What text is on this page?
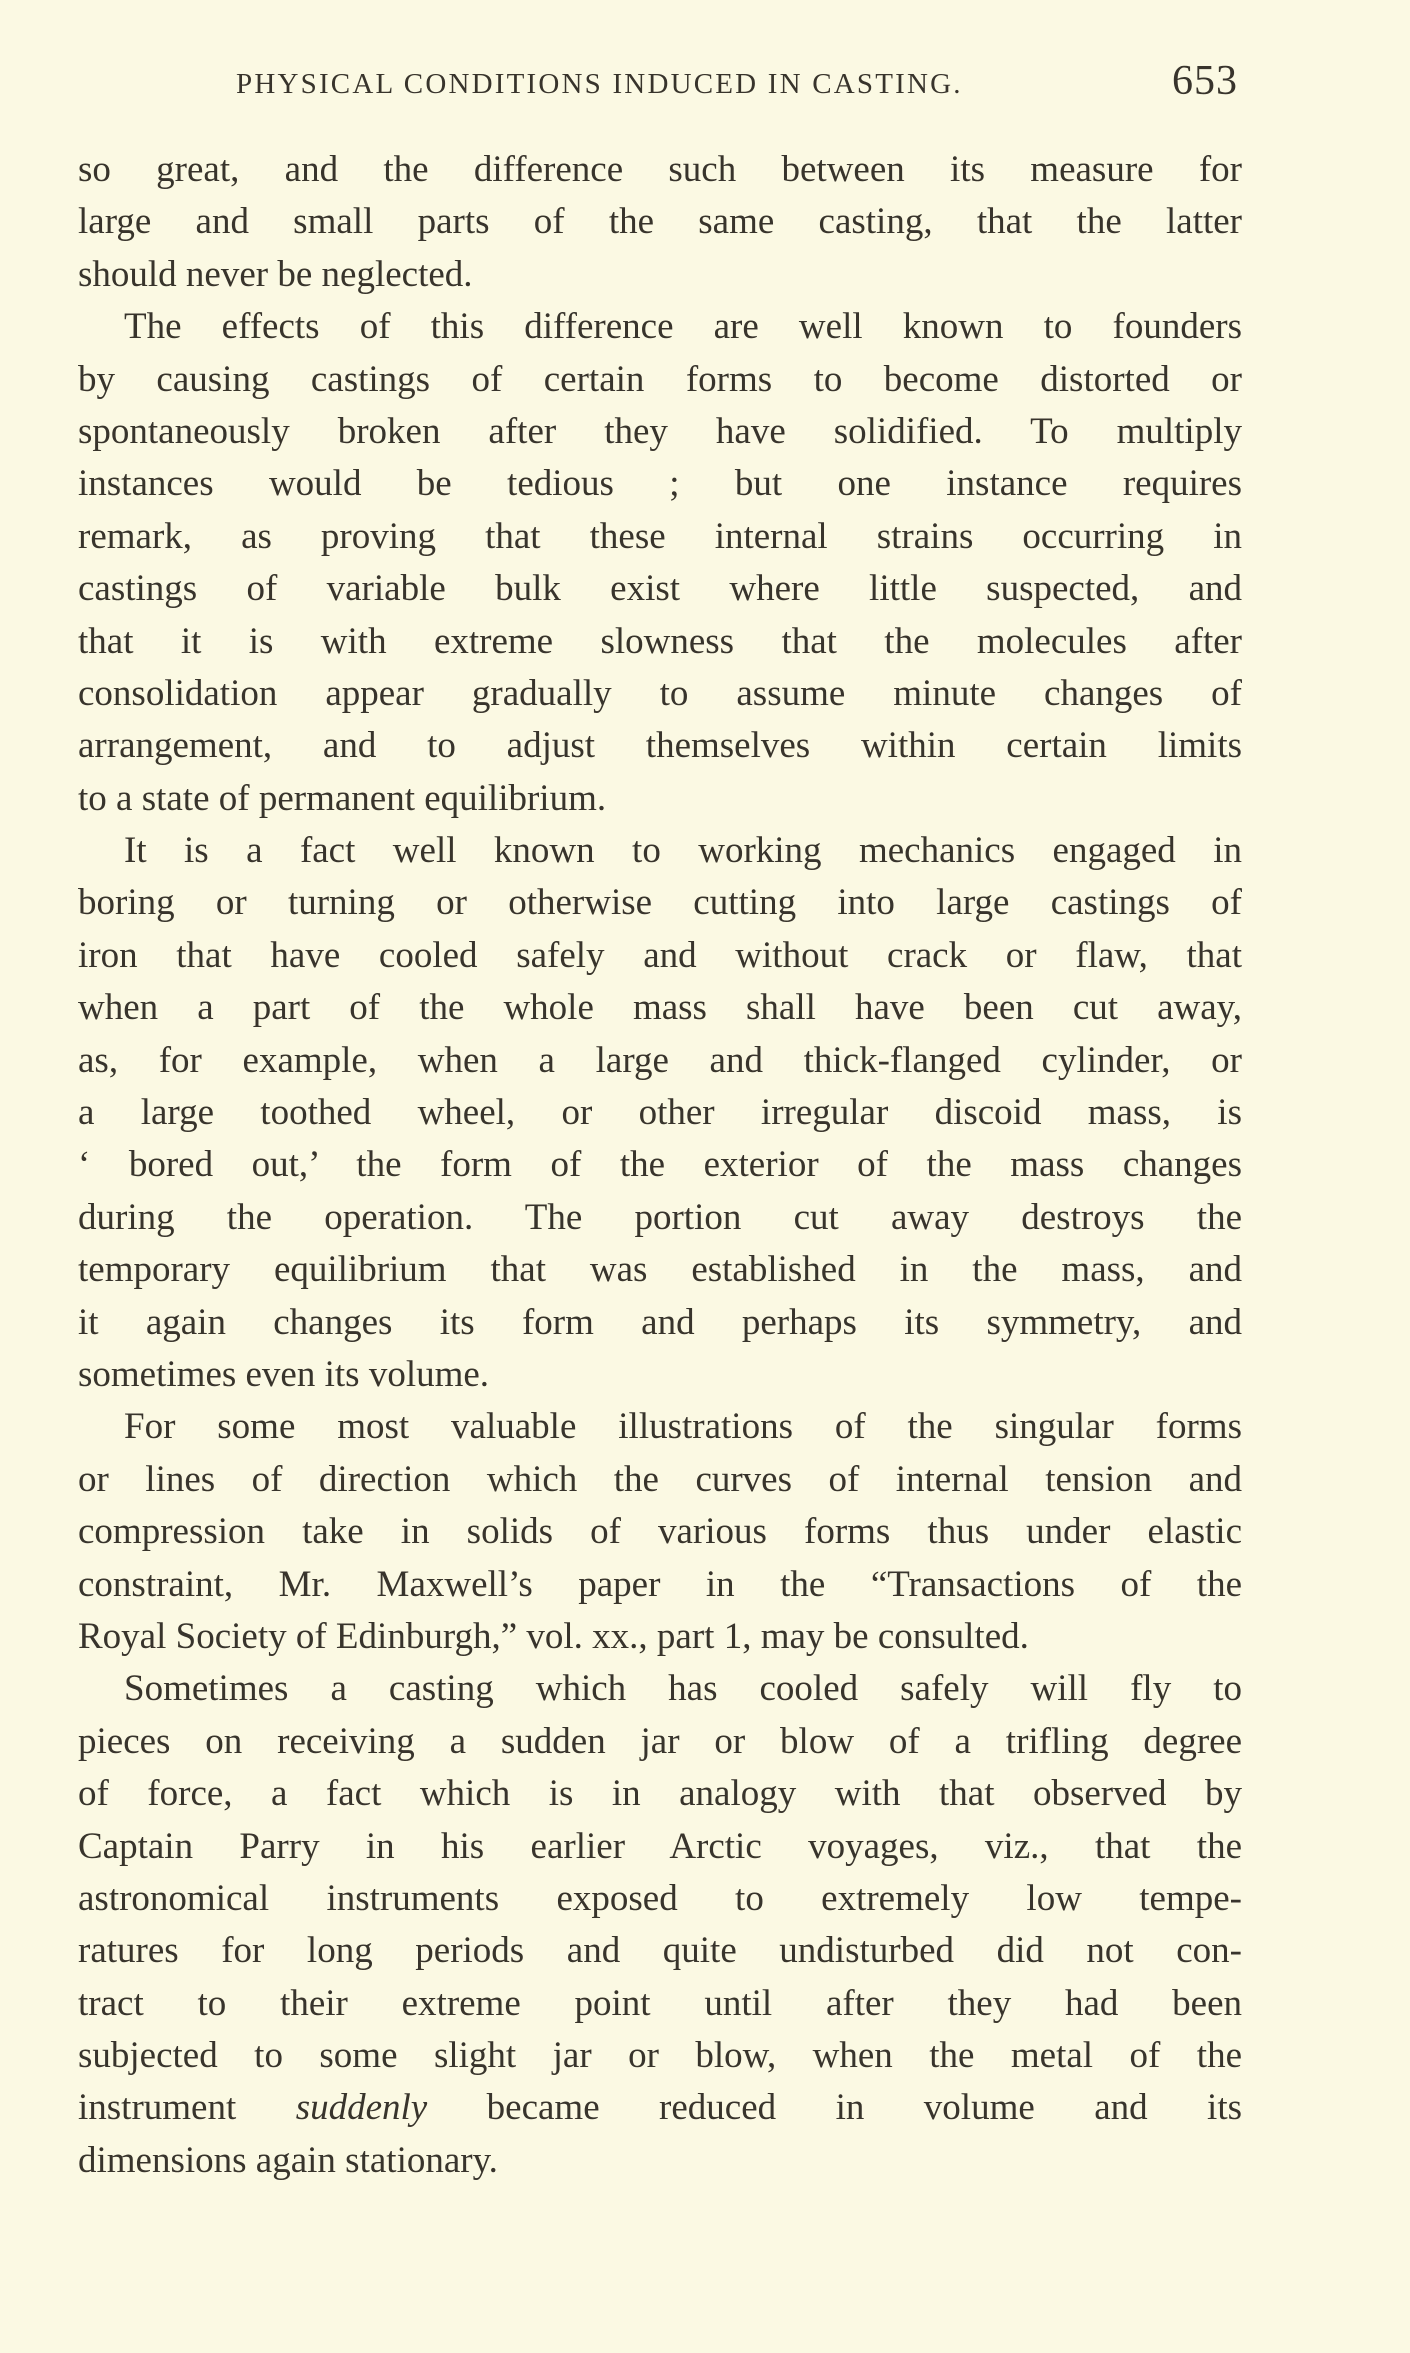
PHYSICAL CONDITIONS INDUCED IN CASTING.	653
so great, and the difference such between its measure for
large and small parts of the same casting, that the latter
should never be neglected.
The effects of this difference are well known to founders
by causing castings of certain forms to become distorted or
spontaneously broken after they have solidified. To multiply
instances would be tedious ; but one instance requires
remark, as proving that these internal strains occurring in
castings of variable bulk exist where little suspected, and
that it is with extreme slowness that the molecules after
consolidation appear gradually to assume minute changes of
arrangement, and to adjust themselves within certain limits
to a state of permanent equilibrium.
It is a fact well known to working mechanics engaged in
boring or turning or otherwise cutting into large castings of
iron that have cooled safely and without crack or flaw, that
when a part of the whole mass shall have been cut away,
as, for example, when a large and thick-flanged cylinder, or
a large toothed wheel, or other irregular discoid mass, is
‘ bored out,’ the form of the exterior of the mass changes
during the operation. The portion cut away destroys the
temporary equilibrium that was established in the mass, and
it again changes its form and perhaps its symmetry, and
sometimes even its volume.
For some most valuable illustrations of the singular forms
or lines of direction which the curves of internal tension and
compression take in solids of various forms thus under elastic
constraint, Mr. Maxwell’s paper in the “Transactions of the
Royal Society of Edinburgh,” vol. xx., part 1, may be consulted.
Sometimes a casting which has cooled safely will fly to
pieces on receiving a sudden jar or blow of a trifling degree
of force, a fact which is in analogy with that observed by
Captain Parry in his earlier Arctic voyages, viz., that the
astronomical instruments exposed to extremely low tempe-
ratures for long periods and quite undisturbed did not con-
tract to their extreme point until after they had been
subjected to some slight jar or blow, when the metal of the
instrument suddenly became reduced in volume and its
dimensions again stationary.
